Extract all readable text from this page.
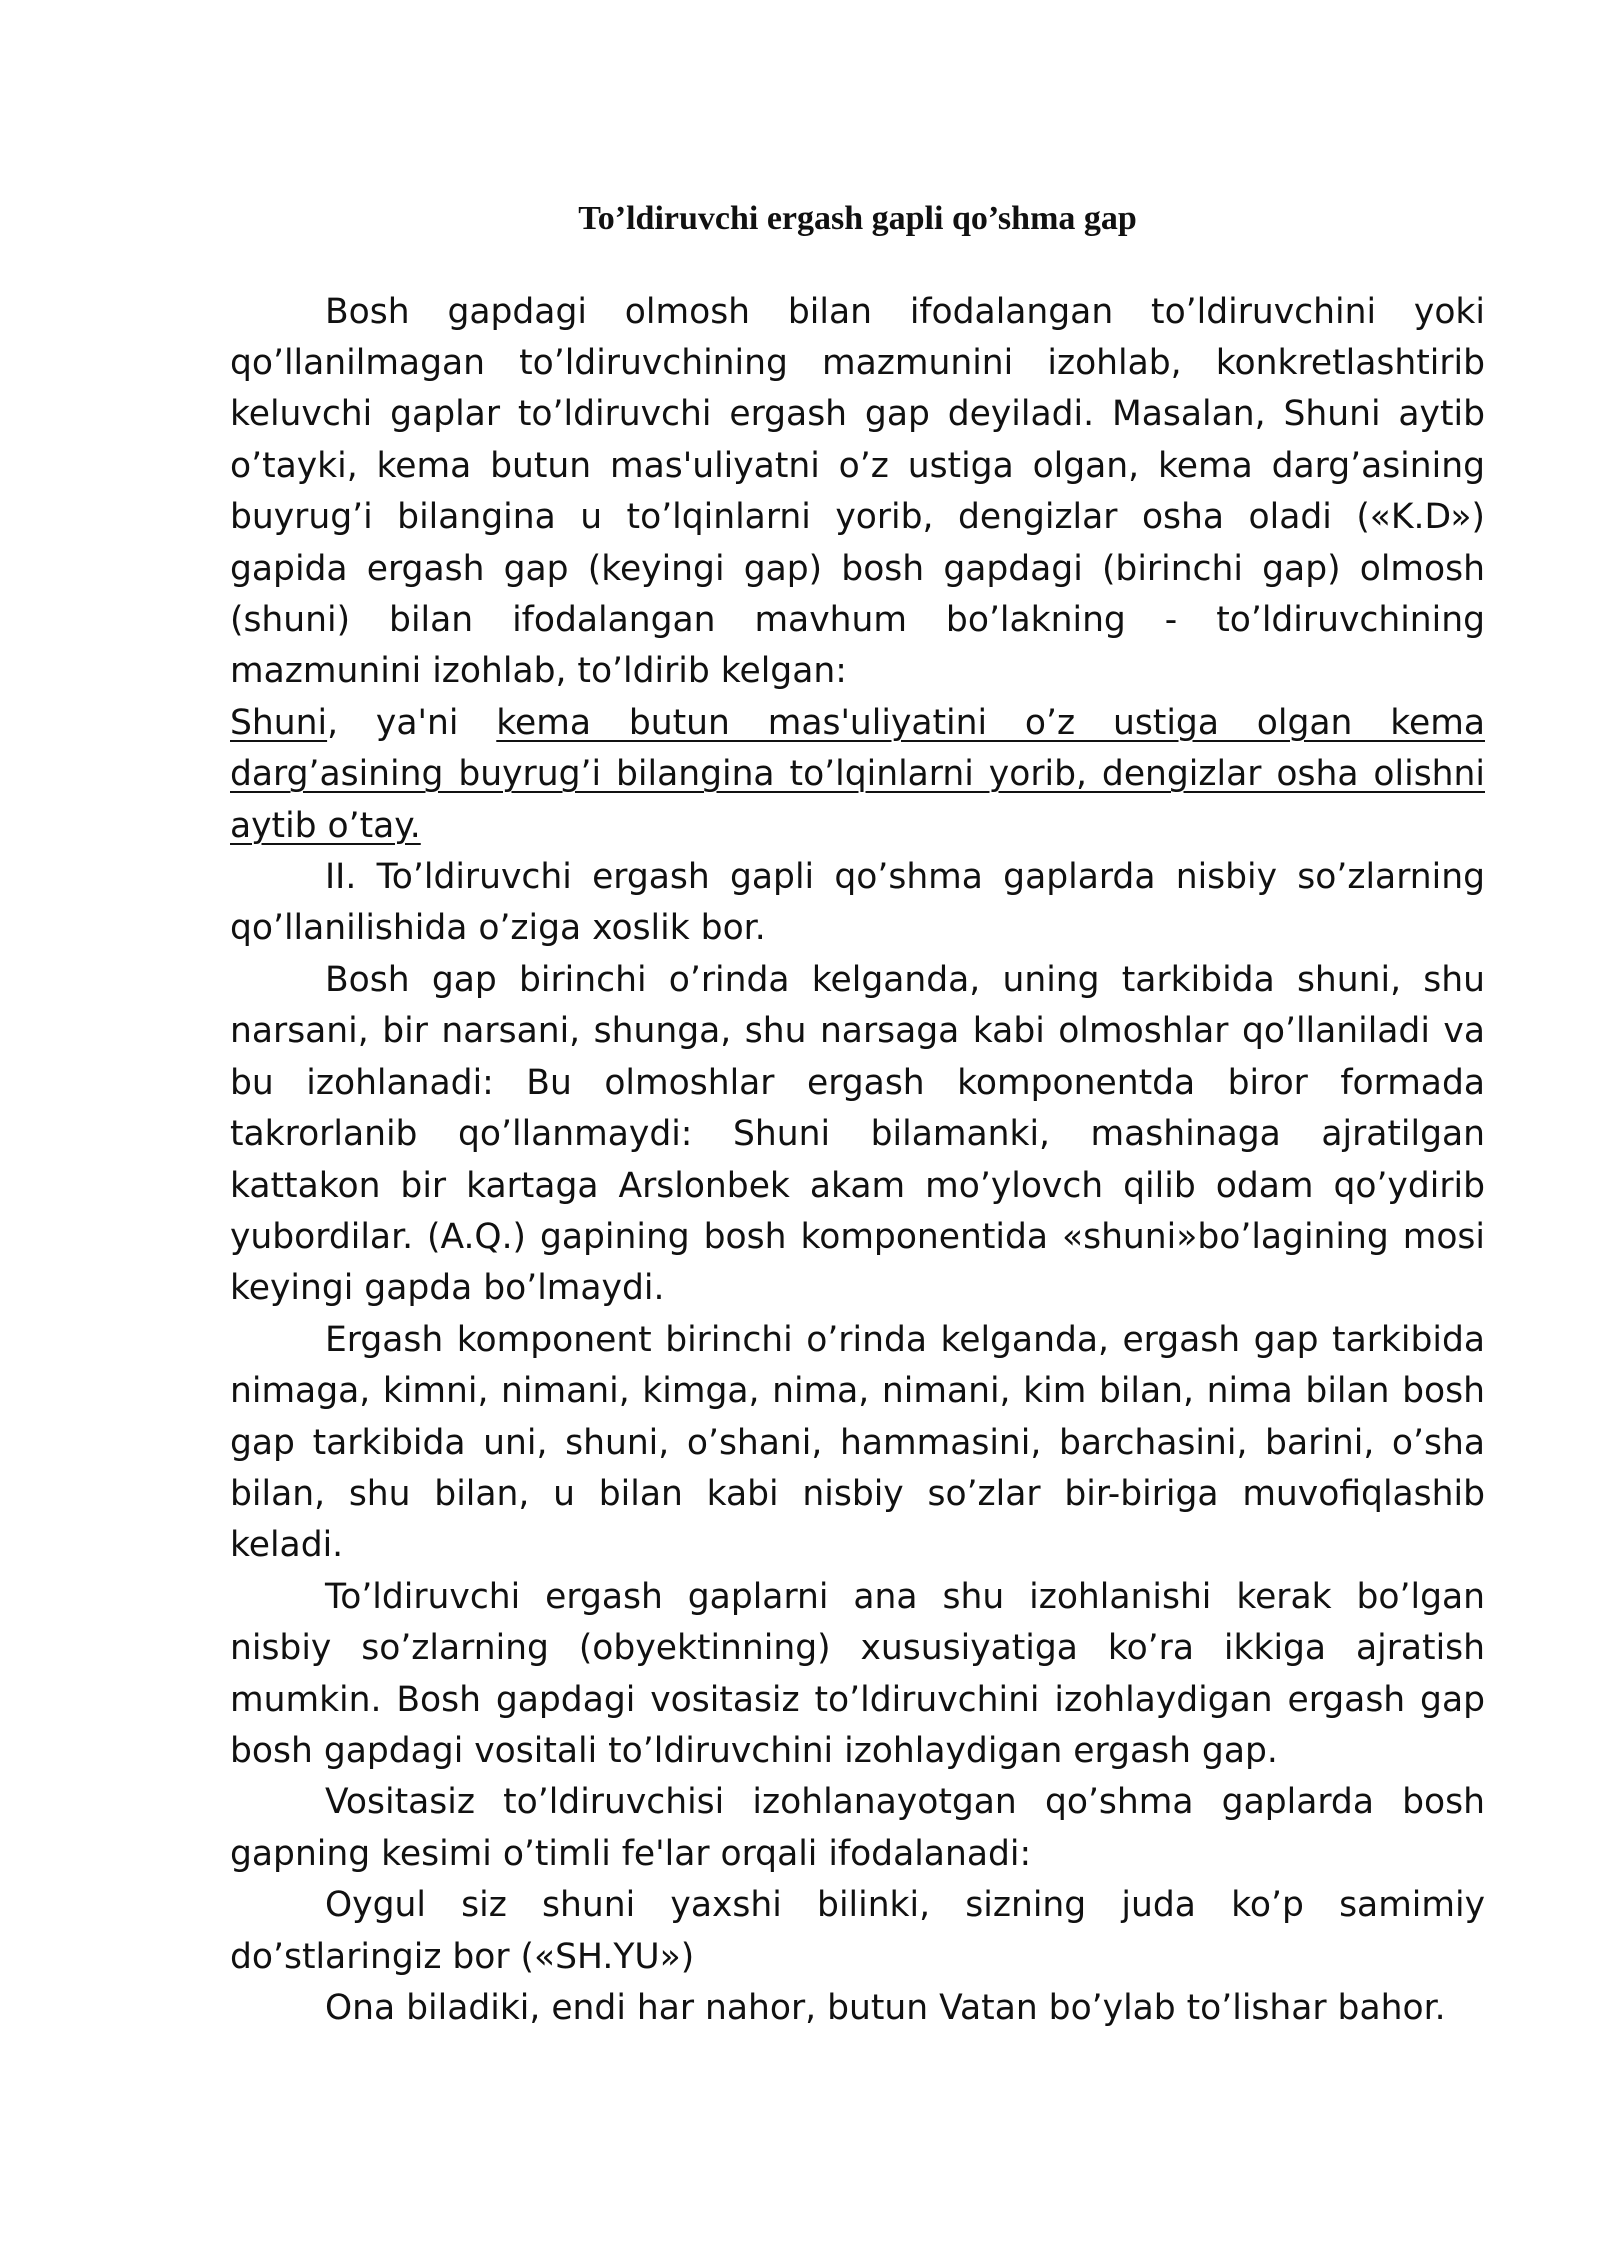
To’ldiruvchi ergash gapli qo’shma gap

Bosh gapdagi olmosh bilan ifodalangan to’ldiruvchini yoki qo’llanilmagan to’ldiruvchining mazmunini izohlab, konkretlashtirib keluvchi gaplar to’ldiruvchi ergash gap deyiladi. Masalan, Shuni aytib o’tayki, kema butun mas'uliyatni o’z ustiga olgan, kema darg’asining buyrug’i bilangina u to’lqinlarni yorib, dengizlar osha oladi («K.D») gapida ergash gap (keyingi gap) bosh gapdagi (birinchi gap) olmosh (shuni) bilan ifodalangan mavhum bo’lakning - to’ldiruvchining mazmunini izohlab, to’ldirib kelgan:

Shuni, ya'ni kema butun mas'uliyatini o’z ustiga olgan kema darg’asining buyrug’i bilangina to’lqinlarni yorib, dengizlar osha olishni aytib o’tay.

II. To’ldiruvchi ergash gapli qo’shma gaplarda nisbiy so’zlarning qo’llanilishida o’ziga xoslik bor.

Bosh gap birinchi o’rinda kelganda, uning tarkibida shuni, shu narsani, bir narsani, shunga, shu narsaga kabi olmoshlar qo’llaniladi va bu izohlanadi: Bu olmoshlar ergash komponentda biror formada takrorlanib qo’llanmaydi: Shuni bilamanki, mashinaga ajratilgan kattakon bir kartaga Arslonbek akam mo’ylovch qilib odam qo’ydirib yubordilar. (A.Q.) gapining bosh komponentida «shuni»bo’lagining mosi keyingi gapda bo’lmaydi.

Ergash komponent birinchi o’rinda kelganda, ergash gap tarkibida nimaga, kimni, nimani, kimga, nima, nimani, kim bilan, nima bilan bosh gap tarkibida uni, shuni, o’shani, hammasini, barchasini, barini, o’sha bilan, shu bilan, u bilan kabi nisbiy so’zlar bir-biriga muvofiqlashib keladi.

To’ldiruvchi ergash gaplarni ana shu izohlanishi kerak bo’lgan nisbiy so’zlarning (obyektinning) xususiyatiga ko’ra ikkiga ajratish mumkin. Bosh gapdagi vositasiz to’ldiruvchini izohlaydigan ergash gap bosh gapdagi vositali to’ldiruvchini izohlaydigan ergash gap.

Vositasiz to’ldiruvchisi izohlanayotgan qo’shma gaplarda bosh gapning kesimi o’timli fe'lar orqali ifodalanadi:

Oygul siz shuni yaxshi bilinki, sizning juda ko’p samimiy do’stlaringiz bor («SH.YU»)

Ona biladiki, endi har nahor, butun Vatan bo’ylab to’lishar bahor.
